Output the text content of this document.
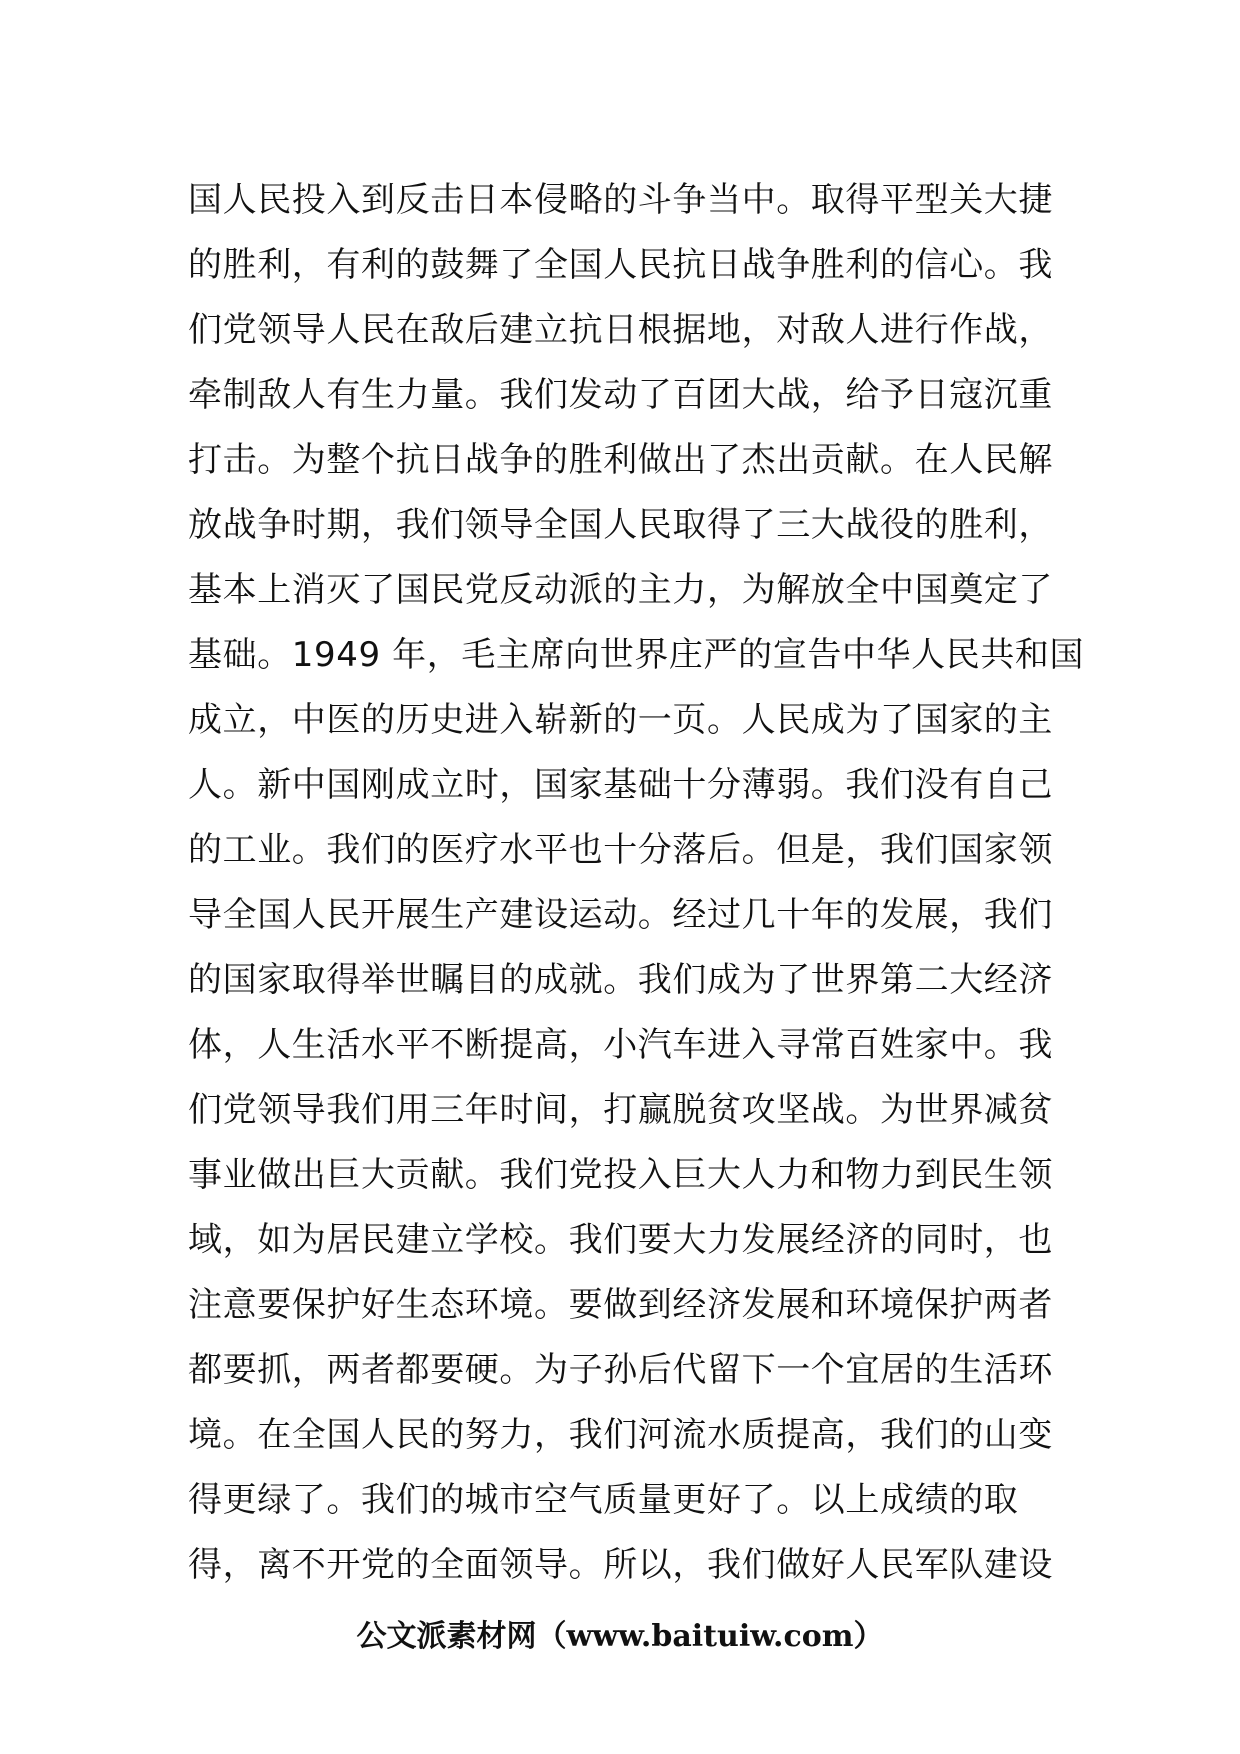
国人民投入到反击日本侵略的斗争当中。取得平型关大捷
的胜利，有利的鼓舞了全国人民抗日战争胜利的信心。我
们党领导人民在敌后建立抗日根据地，对敌人进行作战，
牵制敌人有生力量。我们发动了百团大战，给予日寇沉重
打击。为整个抗日战争的胜利做出了杰出贡献。在人民解
放战争时期，我们领导全国人民取得了三大战役的胜利，
基本上消灭了国民党反动派的主力，为解放全中国奠定了
基础。1949 年，毛主席向世界庄严的宣告中华人民共和国
成立，中医的历史进入崭新的一页。人民成为了国家的主
人。新中国刚成立时，国家基础十分薄弱。我们没有自己
的工业。我们的医疗水平也十分落后。但是，我们国家领
导全国人民开展生产建设运动。经过几十年的发展，我们
的国家取得举世瞩目的成就。我们成为了世界第二大经济
体，人生活水平不断提高，小汽车进入寻常百姓家中。我
们党领导我们用三年时间，打赢脱贫攻坚战。为世界减贫
事业做出巨大贡献。我们党投入巨大人力和物力到民生领
域，如为居民建立学校。我们要大力发展经济的同时，也
注意要保护好生态环境。要做到经济发展和环境保护两者
都要抓，两者都要硬。为子孙后代留下一个宜居的生活环
境。在全国人民的努力，我们河流水质提高，我们的山变
得更绿了。我们的城市空气质量更好了。以上成绩的取
得，离不开党的全面领导。所以，我们做好人民军队建设
公文派素材网（www.baituiw.com）
